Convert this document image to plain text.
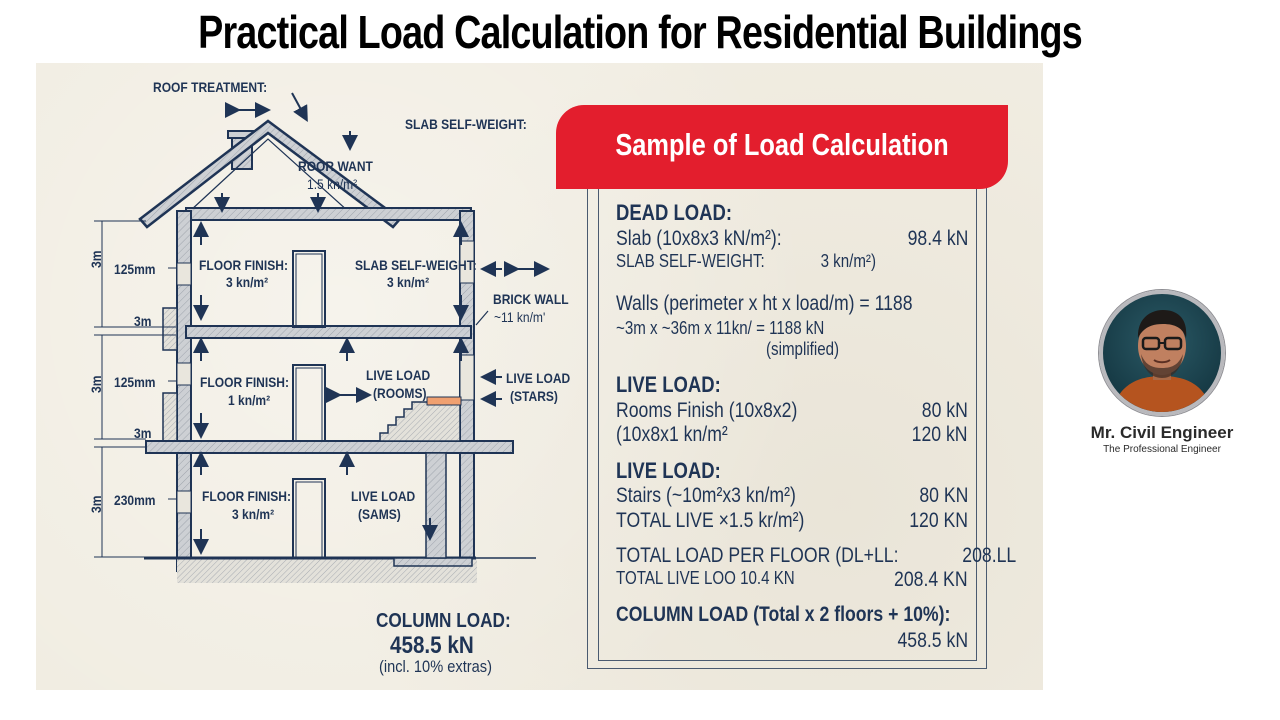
Practical Load Calculation for Residential Buildings
3m
3m
3m
125mm
125mm
230mm
3m
3m
ROOF TREATMENT:
SLAB SELF-WEIGHT:
ROOR WANT
1.5 kn/m²
FLOOR FINISH:
3 kn/m²
SLAB SELF-WEIGHT:
3 kn/m²
BRICK WALL
~11 kn/m'
FLOOR FINISH:
1 kn/m²
LIVE LOAD
(ROOMS)
LIVE LOAD
(STARS)
FLOOR FINISH:
3 kn/m²
LIVE LOAD
(SAMS)
COLUMN LOAD:
458.5 kN
(incl. 10% extras)
Sample of Load Calculation
DEAD LOAD:
Slab (10x8x3 kN/m²):	98.4 kN
SLAB SELF-WEIGHT:	3 kn/m²)
Walls (perimeter x ht x load/m) = 1188
~3m x ~36m x 11kn/ = 1188 kN
(simplified)
LIVE LOAD:
Rooms Finish (10x8x2)	80 kN
(10x8x1 kn/m²	120 kN
LIVE LOAD:
Stairs (~10m²x3 kn/m²)	80 KN
TOTAL LIVE ×1.5 kr/m²)	120 KN
TOTAL LOAD PER FLOOR (DL+LL:	208.LL
TOTAL LIVE LOO 10.4 KN	208.4 KN
COLUMN LOAD (Total x 2 floors + 10%):
458.5 kN
Mr. Civil Engineer
The Professional Engineer
